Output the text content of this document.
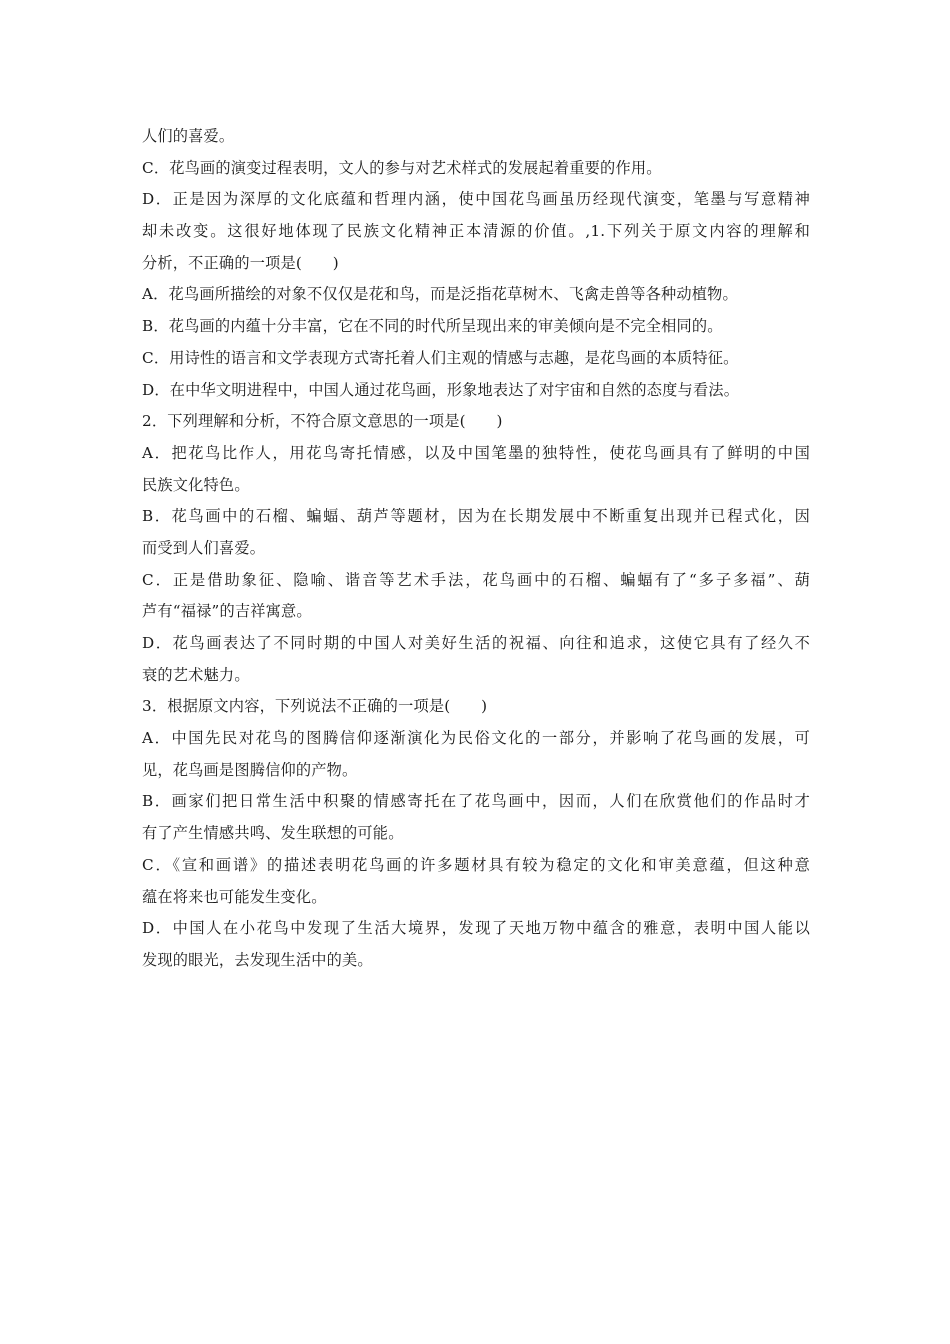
人们的喜爱。
C．花鸟画的演变过程表明，文人的参与对艺术样式的发展起着重要的作用。
D．正是因为深厚的文化底蕴和哲理内涵，使中国花鸟画虽历经现代演变，笔墨与写意精神
却未改变。这很好地体现了民族文化精神正本清源的价值。,1.下列关于原文内容的理解和
分析，不正确的一项是(　　)
A．花鸟画所描绘的对象不仅仅是花和鸟，而是泛指花草树木、飞禽走兽等各种动植物。
B．花鸟画的内蕴十分丰富，它在不同的时代所呈现出来的审美倾向是不完全相同的。
C．用诗性的语言和文学表现方式寄托着人们主观的情感与志趣，是花鸟画的本质特征。
D．在中华文明进程中，中国人通过花鸟画，形象地表达了对宇宙和自然的态度与看法。
2．下列理解和分析，不符合原文意思的一项是(　　)
A．把花鸟比作人，用花鸟寄托情感，以及中国笔墨的独特性，使花鸟画具有了鲜明的中国
民族文化特色。
B．花鸟画中的石榴、蝙蝠、葫芦等题材，因为在长期发展中不断重复出现并已程式化，因
而受到人们喜爱。
C．正是借助象征、隐喻、谐音等艺术手法，花鸟画中的石榴、蝙蝠有了“多子多福”、葫
芦有“福禄”的吉祥寓意。
D．花鸟画表达了不同时期的中国人对美好生活的祝福、向往和追求，这使它具有了经久不
衰的艺术魅力。
3．根据原文内容，下列说法不正确的一项是(　　)
A．中国先民对花鸟的图腾信仰逐渐演化为民俗文化的一部分，并影响了花鸟画的发展，可
见，花鸟画是图腾信仰的产物。
B．画家们把日常生活中积聚的情感寄托在了花鸟画中，因而，人们在欣赏他们的作品时才
有了产生情感共鸣、发生联想的可能。
C．《宣和画谱》的描述表明花鸟画的许多题材具有较为稳定的文化和审美意蕴，但这种意
蕴在将来也可能发生变化。
D．中国人在小花鸟中发现了生活大境界，发现了天地万物中蕴含的雅意，表明中国人能以
发现的眼光，去发现生活中的美。
